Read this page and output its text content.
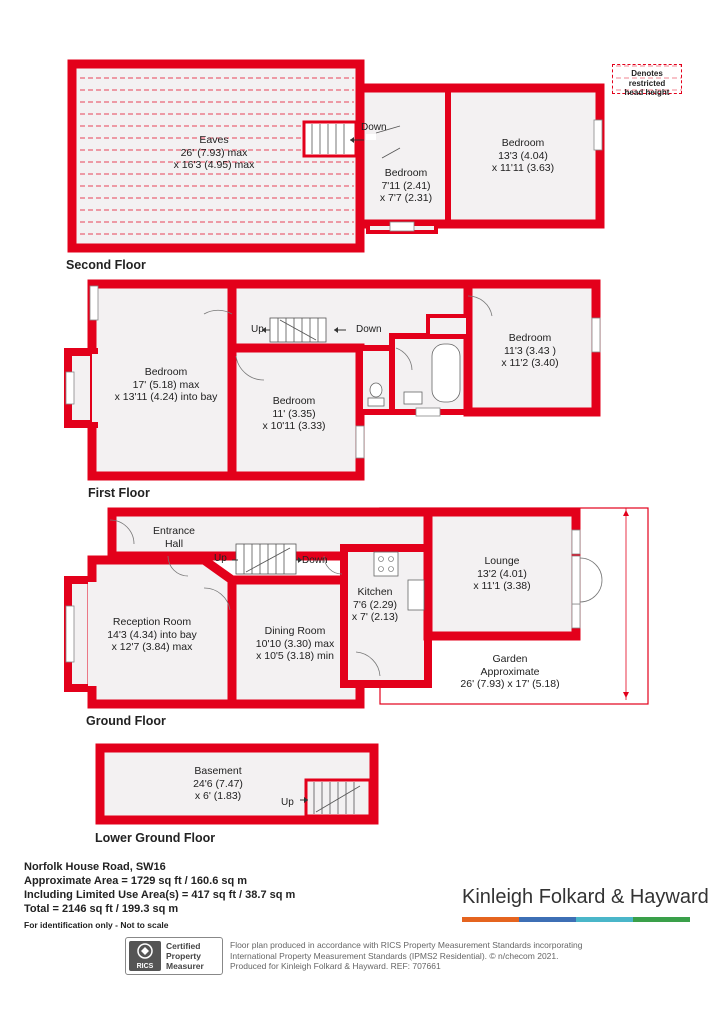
Denotes restricted
head height
Eaves
26' (7.93) max
x 16'3 (4.95) max
Down
Bedroom
7'11 (2.41)
x 7'7 (2.31)
Bedroom
13'3 (4.04)
x 11'11 (3.63)
Second Floor
Up	Down
Bedroom
17' (5.18) max
x 13'11 (4.24) into bay	Bedroom
11' (3.35)
x 10'11 (3.33)
Bedroom
11'3 (3.43 )
x 11'2 (3.40)
First Floor
Entrance
Hall
Up	Down
Reception Room
14'3 (4.34) into bay
x 12'7 (3.84) max
Dining Room
10'10 (3.30) max
x 10'5 (3.18) min
Kitchen
7'6 (2.29)
x 7' (2.13)
Lounge
13'2 (4.01)
x 11'1 (3.38)
Garden
Approximate
26' (7.93) x 17' (5.18)
Ground Floor
Basement
24'6 (7.47)
x 6' (1.83)
Up
Lower Ground Floor
Norfolk House Road, SW16
Approximate Area = 1729 sq ft / 160.6 sq m
Including Limited Use Area(s) = 417 sq ft / 38.7 sq m
Total = 2146 sq ft / 199.3 sq m
For identification only - Not to scale
Kinleigh Folkard & Hayward
RICS
Certified
Property
Measurer
Floor plan produced in accordance with RICS Property Measurement Standards incorporating
International Property Measurement Standards (IPMS2 Residential). © n/checom 2021.
Produced for Kinleigh Folkard & Hayward. REF: 707661
